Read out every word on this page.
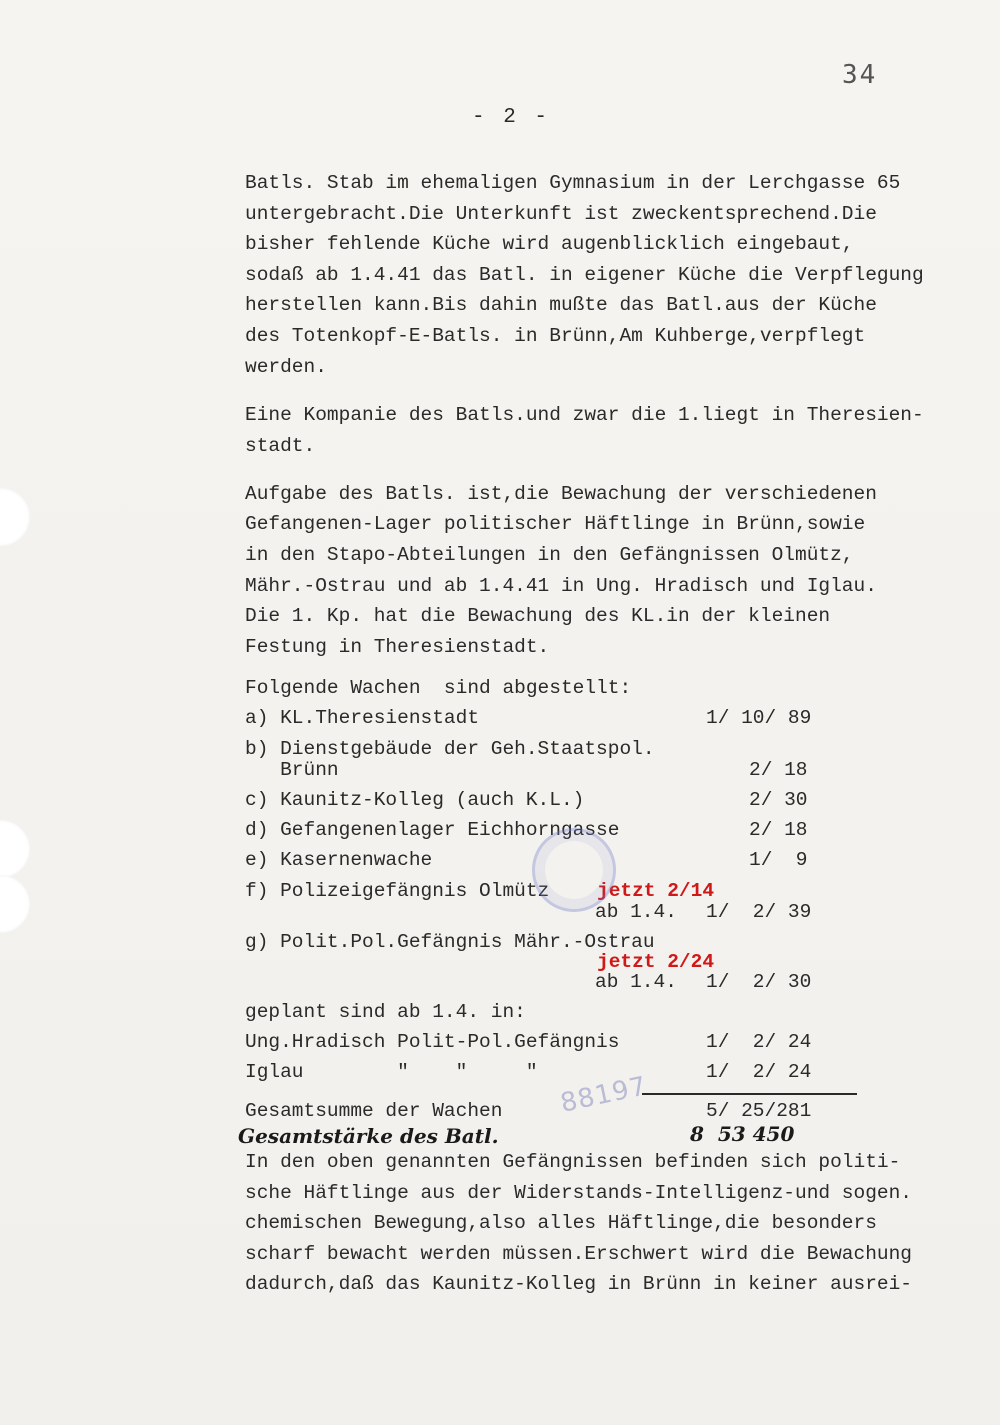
34
- 2 -
Batls. Stab im ehemaligen Gymnasium in der Lerchgasse 65
untergebracht.Die Unterkunft ist zweckentsprechend.Die
bisher fehlende Küche wird augenblicklich eingebaut,
sodaß ab 1.4.41 das Batl. in eigener Küche die Verpflegung
herstellen kann.Bis dahin mußte das Batl.aus der Küche
des Totenkopf-E-Batls. in Brünn,Am Kuhberge,verpflegt
werden.
Eine Kompanie des Batls.und zwar die 1.liegt in Theresien-
stadt.
Aufgabe des Batls. ist,die Bewachung der verschiedenen
Gefangenen-Lager politischer Häftlinge in Brünn,sowie
in den Stapo-Abteilungen in den Gefängnissen Olmütz,
Mähr.-Ostrau und ab 1.4.41 in Ung. Hradisch und Iglau.
Die 1. Kp. hat die Bewachung des KL.in der kleinen
Festung in Theresienstadt.
Folgende Wachen  sind abgestellt:
a) KL.Theresienstadt	1/ 10/ 89
b) Dienstgebäude der Geh.Staatspol.
Brünn	2/ 18
c) Kaunitz-Kolleg (auch K.L.)	2/ 30
d) Gefangenenlager Eichhorngasse	2/ 18
e) Kasernenwache	1/  9
f) Polizeigefängnis Olmütz jetzt 2/14
ab 1.4. 1/  2/ 39
g) Polit.Pol.Gefängnis Mähr.-Ostrau
jetzt 2/24
ab 1.4. 1/  2/ 30
geplant sind ab 1.4. in:
Ung.Hradisch Polit-Pol.Gefängnis	1/  2/ 24
Iglau        "    "     "	1/  2/ 24
Gesamtsumme der Wachen	5/ 25/281
88197
Gesamtstärke des Batl.	8  53 450
In den oben genannten Gefängnissen befinden sich politi-
sche Häftlinge aus der Widerstands-Intelligenz-und sogen.
chemischen Bewegung,also alles Häftlinge,die besonders
scharf bewacht werden müssen.Erschwert wird die Bewachung
dadurch,daß das Kaunitz-Kolleg in Brünn in keiner ausrei-
